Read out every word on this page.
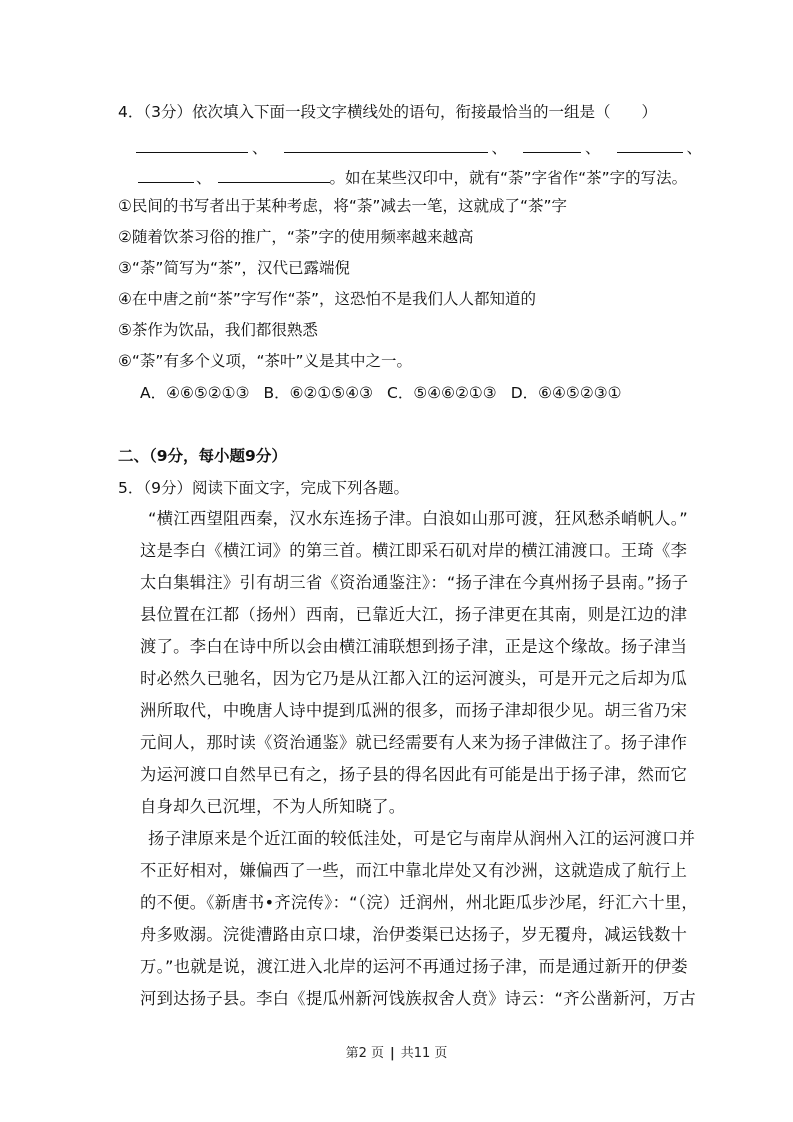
4．（3分）依次填入下面一段文字横线处的语句，衔接最恰当的一组是（　　）
、	、	、	、
、	。如在某些汉印中，就有“荼”字省作“茶”字的写法。
①民间的书写者出于某种考虑，将“荼”减去一笔，这就成了“茶”字
②随着饮茶习俗的推广，“荼”字的使用频率越来越高
③“荼”简写为“茶”，汉代已露端倪
④在中唐之前“茶”字写作“荼”，这恐怕不是我们人人都知道的
⑤茶作为饮品，我们都很熟悉
⑥“荼”有多个义项，“茶叶”义是其中之一。
A．④⑥⑤②①③ B．⑥②①⑤④③ C．⑤④⑥②①③ D．⑥④⑤②③①
二、（9分，每小题9分）
5．（9分）阅读下面文字，完成下列各题。
“横江西望阻西秦，汉水东连扬子津。白浪如山那可渡，狂风愁杀峭帆人。”
这是李白《横江词》的第三首。横江即采石矶对岸的横江浦渡口。王琦《李
太白集辑注》引有胡三省《资治通鉴注》：“扬子津在今真州扬子县南。”扬子
县位置在江都（扬州）西南，已靠近大江，扬子津更在其南，则是江边的津
渡了。李白在诗中所以会由横江浦联想到扬子津，正是这个缘故。扬子津当
时必然久已驰名，因为它乃是从江都入江的运河渡头，可是开元之后却为瓜
洲所取代，中晚唐人诗中提到瓜洲的很多，而扬子津却很少见。胡三省乃宋
元间人，那时读《资治通鉴》就已经需要有人来为扬子津做注了。扬子津作
为运河渡口自然早已有之，扬子县的得名因此有可能是出于扬子津，然而它
自身却久已沉埋，不为人所知晓了。
扬子津原来是个近江面的较低洼处，可是它与南岸从润州入江的运河渡口并
不正好相对，嫌偏西了一些，而江中靠北岸处又有沙洲，这就造成了航行上
的不便。《新唐书•齐浣传》：“（浣）迁润州，州北距瓜步沙尾，纡汇六十里，
舟多败溺。浣徙漕路由京口埭，治伊娄渠已达扬子，岁无覆舟，减运钱数十
万。”也就是说，渡江进入北岸的运河不再通过扬子津，而是通过新开的伊娄
河到达扬子县。李白《提瓜州新河饯族叔舍人贲》诗云：“齐公凿新河，万古
第2 页 | 共11 页
